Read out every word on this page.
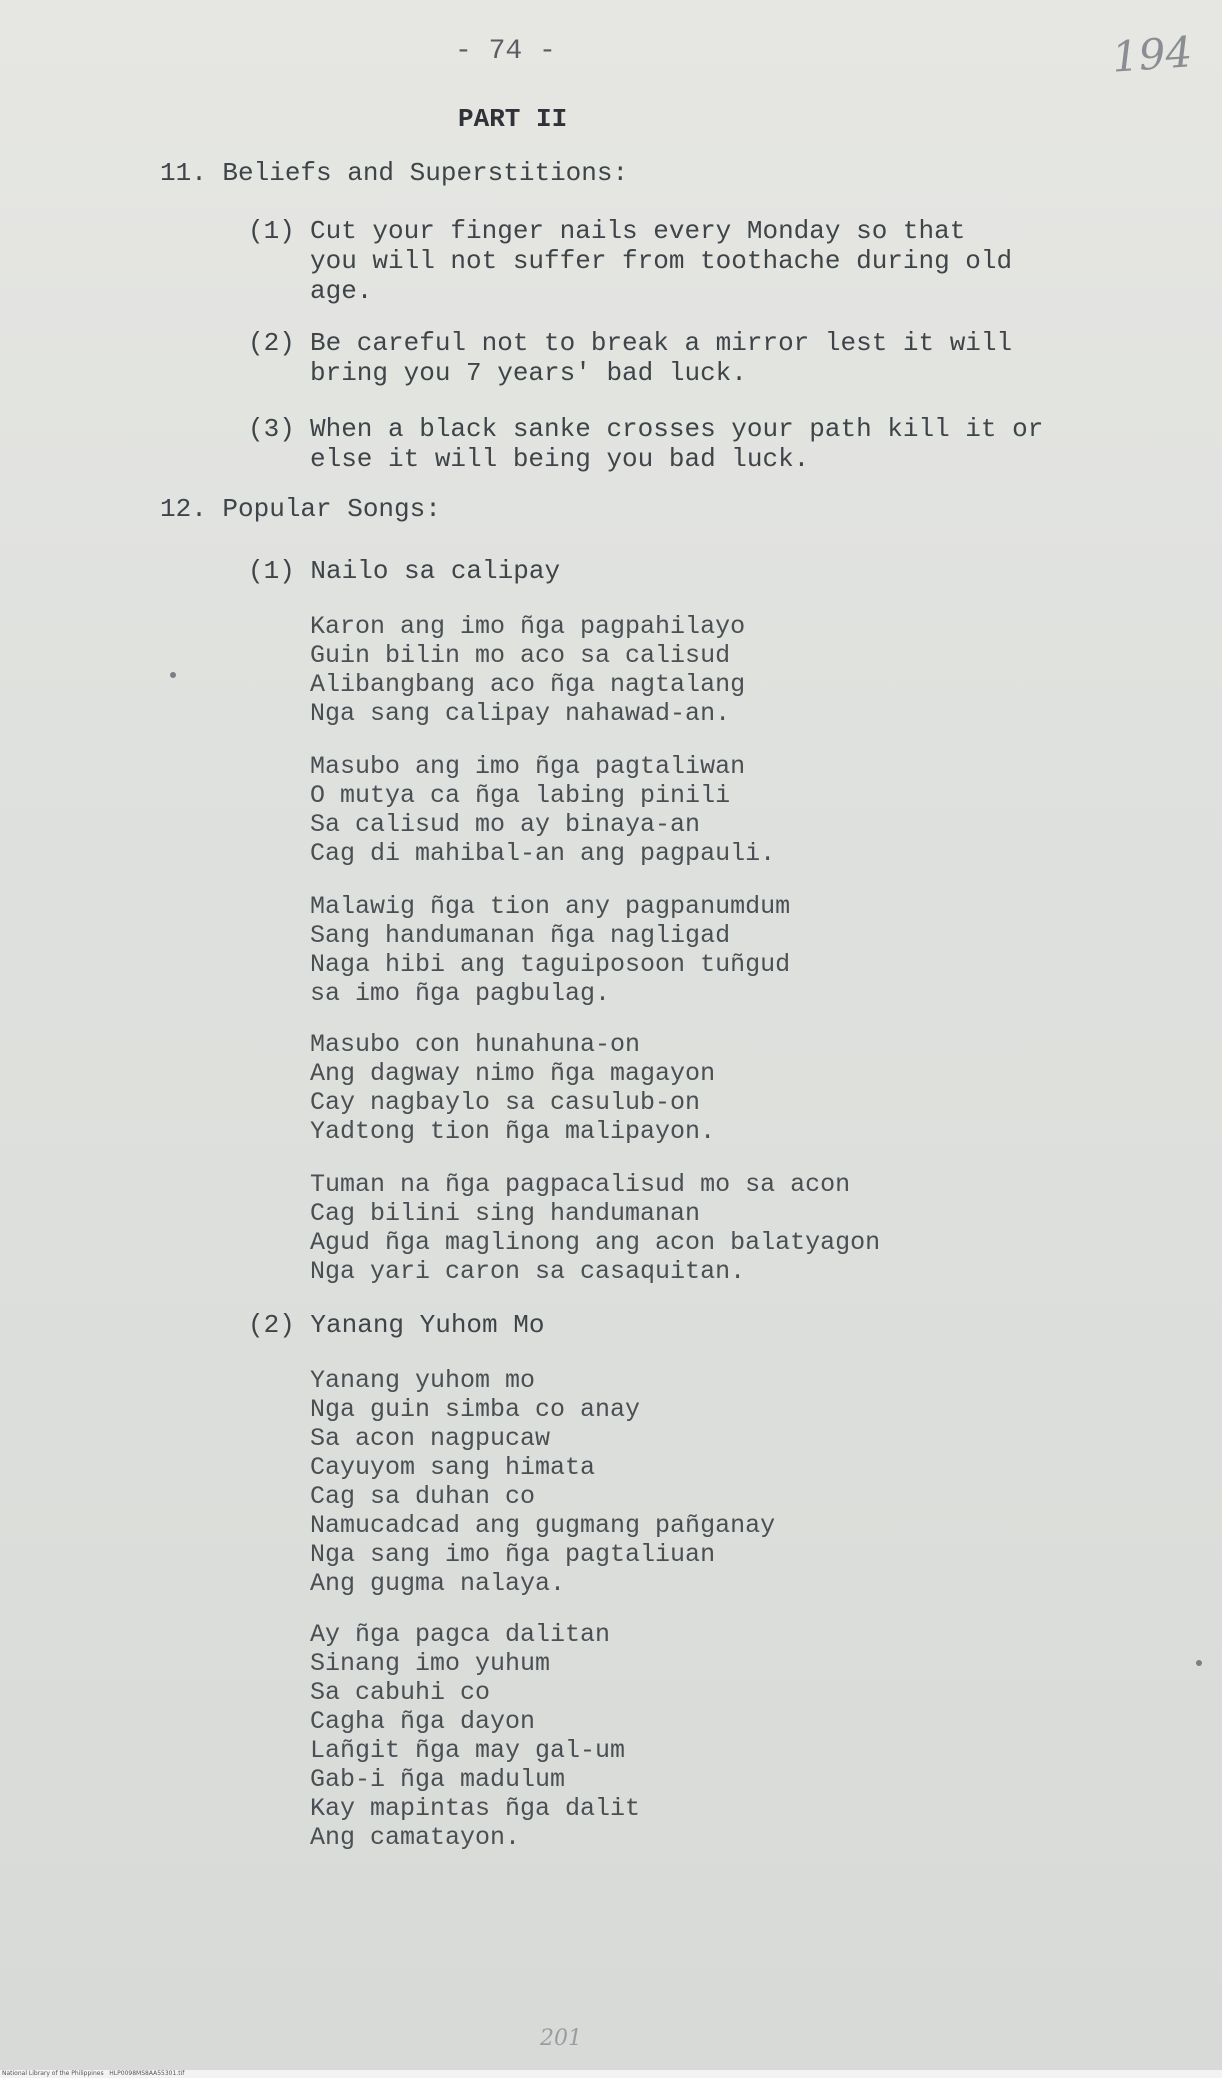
- 74 -	194

PART II

11. Beliefs and Superstitions:

(1) Cut your finger nails every Monday so that

you will not suffer from toothache during old

age.

(2) Be careful not to break a mirror lest it will

bring you 7 years' bad luck.

(3) When a black sanke crosses your path kill it or

else it will being you bad luck.

12. Popular Songs:

(1) Nailo sa calipay

Karon ang imo ñga pagpahilayo

Guin bilin mo aco sa calisud

Alibangbang aco ñga nagtalang

Nga sang calipay nahawad-an.

Masubo ang imo ñga pagtaliwan

O mutya ca ñga labing pinili

Sa calisud mo ay binaya-an

Cag di mahibal-an ang pagpauli.

Malawig ñga tion any pagpanumdum

Sang handumanan ñga nagligad

Naga hibi ang taguiposoon tuñgud

sa imo ñga pagbulag.

Masubo con hunahuna-on

Ang dagway nimo ñga magayon

Cay nagbaylo sa casulub-on

Yadtong tion ñga malipayon.

Tuman na ñga pagpacalisud mo sa acon

Cag bilini sing handumanan

Agud ñga maglinong ang acon balatyagon

Nga yari caron sa casaquitan.

(2) Yanang Yuhom Mo

Yanang yuhom mo

Nga guin simba co anay

Sa acon nagpucaw

Cayuyom sang himata

Cag sa duhan co

Namucadcad ang gugmang pañganay

Nga sang imo ñga pagtaliuan

Ang gugma nalaya.

Ay ñga pagca dalitan

Sinang imo yuhum

Sa cabuhi co

Cagha ñga dayon

Lañgit ñga may gal-um

Gab-i ñga madulum

Kay mapintas ñga dalit

Ang camatayon.

201

National Library of the Philippines   HLP0098MS8AA55301.tif
